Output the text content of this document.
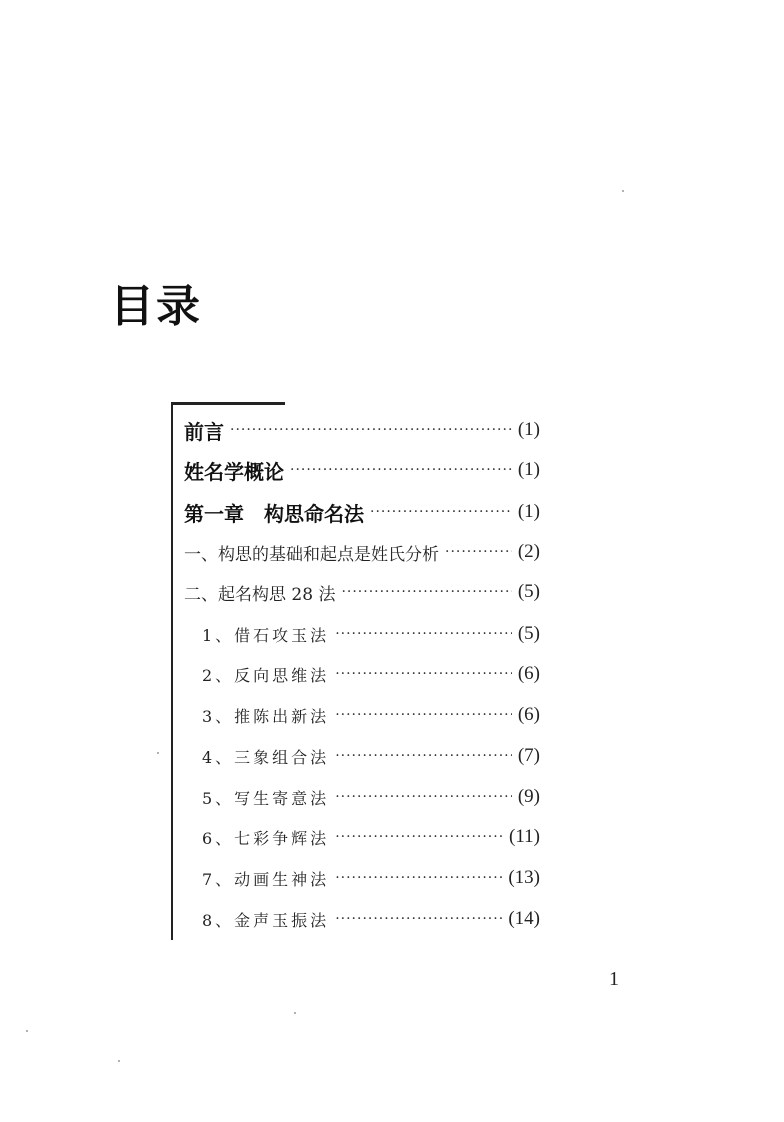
目录
前言 ·····	(1)
姓名学概论 ·····	(1)
第一章　构思命名法 ·····	(1)
一、构思的基础和起点是姓氏分析 ·····	(2)
二、起名构思 28 法 ·····	(5)
1、借石攻玉法 ·····	(5)
2、反向思维法 ·····	(6)
3、推陈出新法 ·····	(6)
4、三象组合法 ·····	(7)
5、写生寄意法 ·····	(9)
6、七彩争辉法 ·····	(11)
7、动画生神法 ·····	(13)
8、金声玉振法 ·····	(14)
1
